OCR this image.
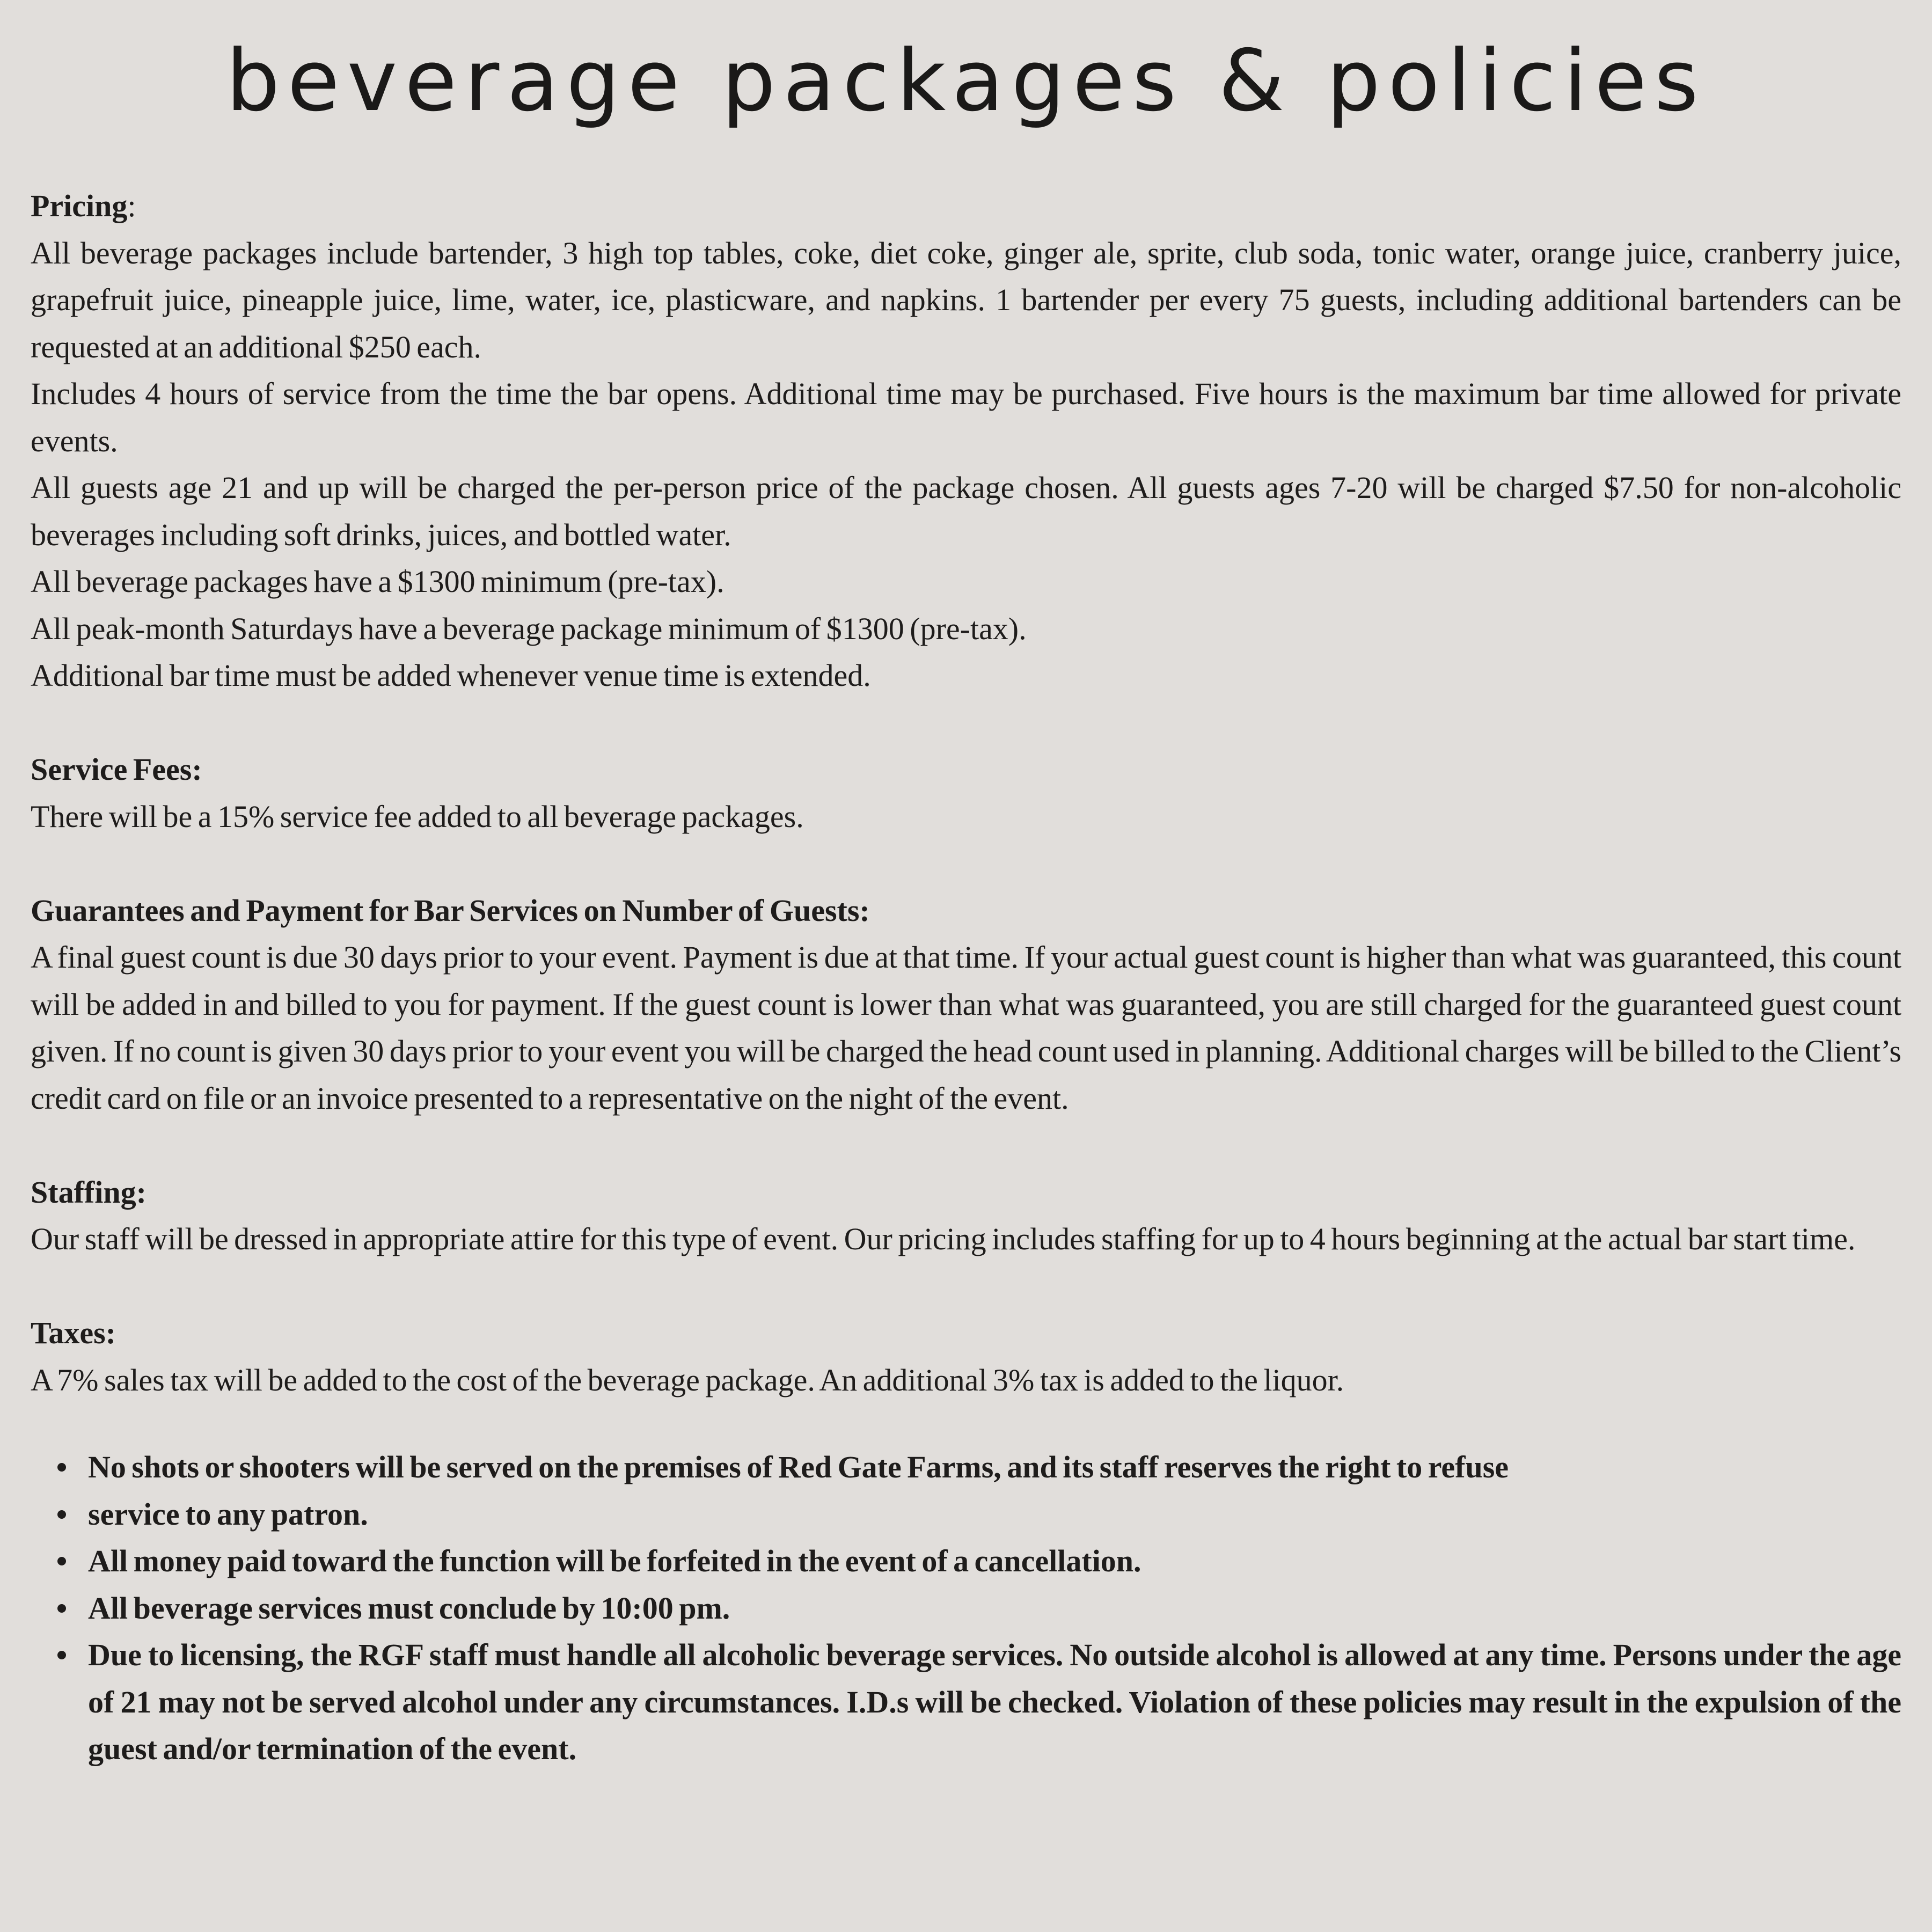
beverage packages & policies

Pricing:

All beverage packages include bartender, 3 high top tables, coke, diet coke, ginger ale, sprite, club soda, tonic water, orange juice, cranberry juice, grapefruit juice, pineapple juice, lime, water, ice, plasticware, and napkins. 1 bartender per every 75 guests, including additional bartenders can be requested at an additional $250 each.

Includes 4 hours of service from the time the bar opens. Additional time may be purchased. Five hours is the maximum bar time allowed for private events.

All guests age 21 and up will be charged the per-person price of the package chosen. All guests ages 7-20 will be charged $7.50 for non-alcoholic beverages including soft drinks, juices, and bottled water.

All beverage packages have a $1300 minimum (pre-tax).

All peak-month Saturdays have a beverage package minimum of $1300 (pre-tax).

Additional bar time must be added whenever venue time is extended.

Service Fees:

There will be a 15% service fee added to all beverage packages.

Guarantees and Payment for Bar Services on Number of Guests:

A final guest count is due 30 days prior to your event. Payment is due at that time. If your actual guest count is higher than what was guaranteed, this count will be added in and billed to you for payment. If the guest count is lower than what was guaranteed, you are still charged for the guaranteed guest count given. If no count is given 30 days prior to your event you will be charged the head count used in planning. Additional charges will be billed to the Client’s credit card on file or an invoice presented to a representative on the night of the event.

Staffing:

Our staff will be dressed in appropriate attire for this type of event. Our pricing includes staffing for up to 4 hours beginning at the actual bar start time.

Taxes:

A 7% sales tax will be added to the cost of the beverage package. An additional 3% tax is added to the liquor.

No shots or shooters will be served on the premises of Red Gate Farms, and its staff reserves the right to refuse
service to any patron.
All money paid toward the function will be forfeited in the event of a cancellation.
All beverage services must conclude by 10:00 pm.
Due to licensing, the RGF staff must handle all alcoholic beverage services. No outside alcohol is allowed at any time. Persons under the age of 21 may not be served alcohol under any circumstances. I.D.s will be checked. Violation of these policies may result in the expulsion of the guest and/or termination of the event.
